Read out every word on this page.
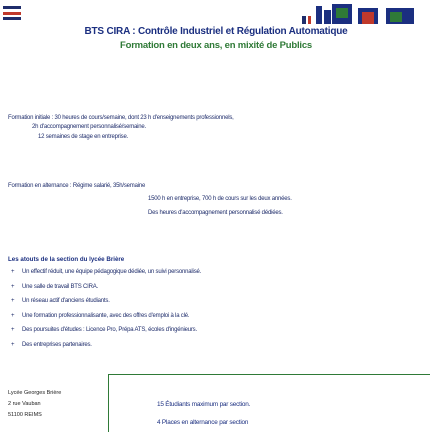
BTS CIRA : Contrôle Industriel et Régulation Automatique
Formation en deux ans, en mixité de Publics
Formation initiale : 30 heures de cours/semaine, dont 23 h d'enseignements professionnels,
2h d'accompagnement personnalisé/semaine.
12 semaines de stage en entreprise.
Formation en alternance : Régime salarié, 35h/semaine
1500 h en entreprise, 700 h de cours sur les deux années.
Des heures d'accompagnement personnalisé dédiées.
Les atouts de la section du lycée Brière
+ Un effectif réduit, une équipe pédagogique dédiée, un suivi personnalisé.
+ Une salle de travail BTS CIRA.
+ Un réseau actif d'anciens étudiants.
+ Une formation professionnalisante, avec des offres d'emploi à la clé.
+ Des poursuites d'études : Licence Pro, Prépa ATS, écoles d'ingénieurs.
+ Des entreprises partenaires.
Lycée Georges Brière
2 rue Vauban
51100 REIMS
15 Étudiants maximum par section.
4 Places en alternance par section
